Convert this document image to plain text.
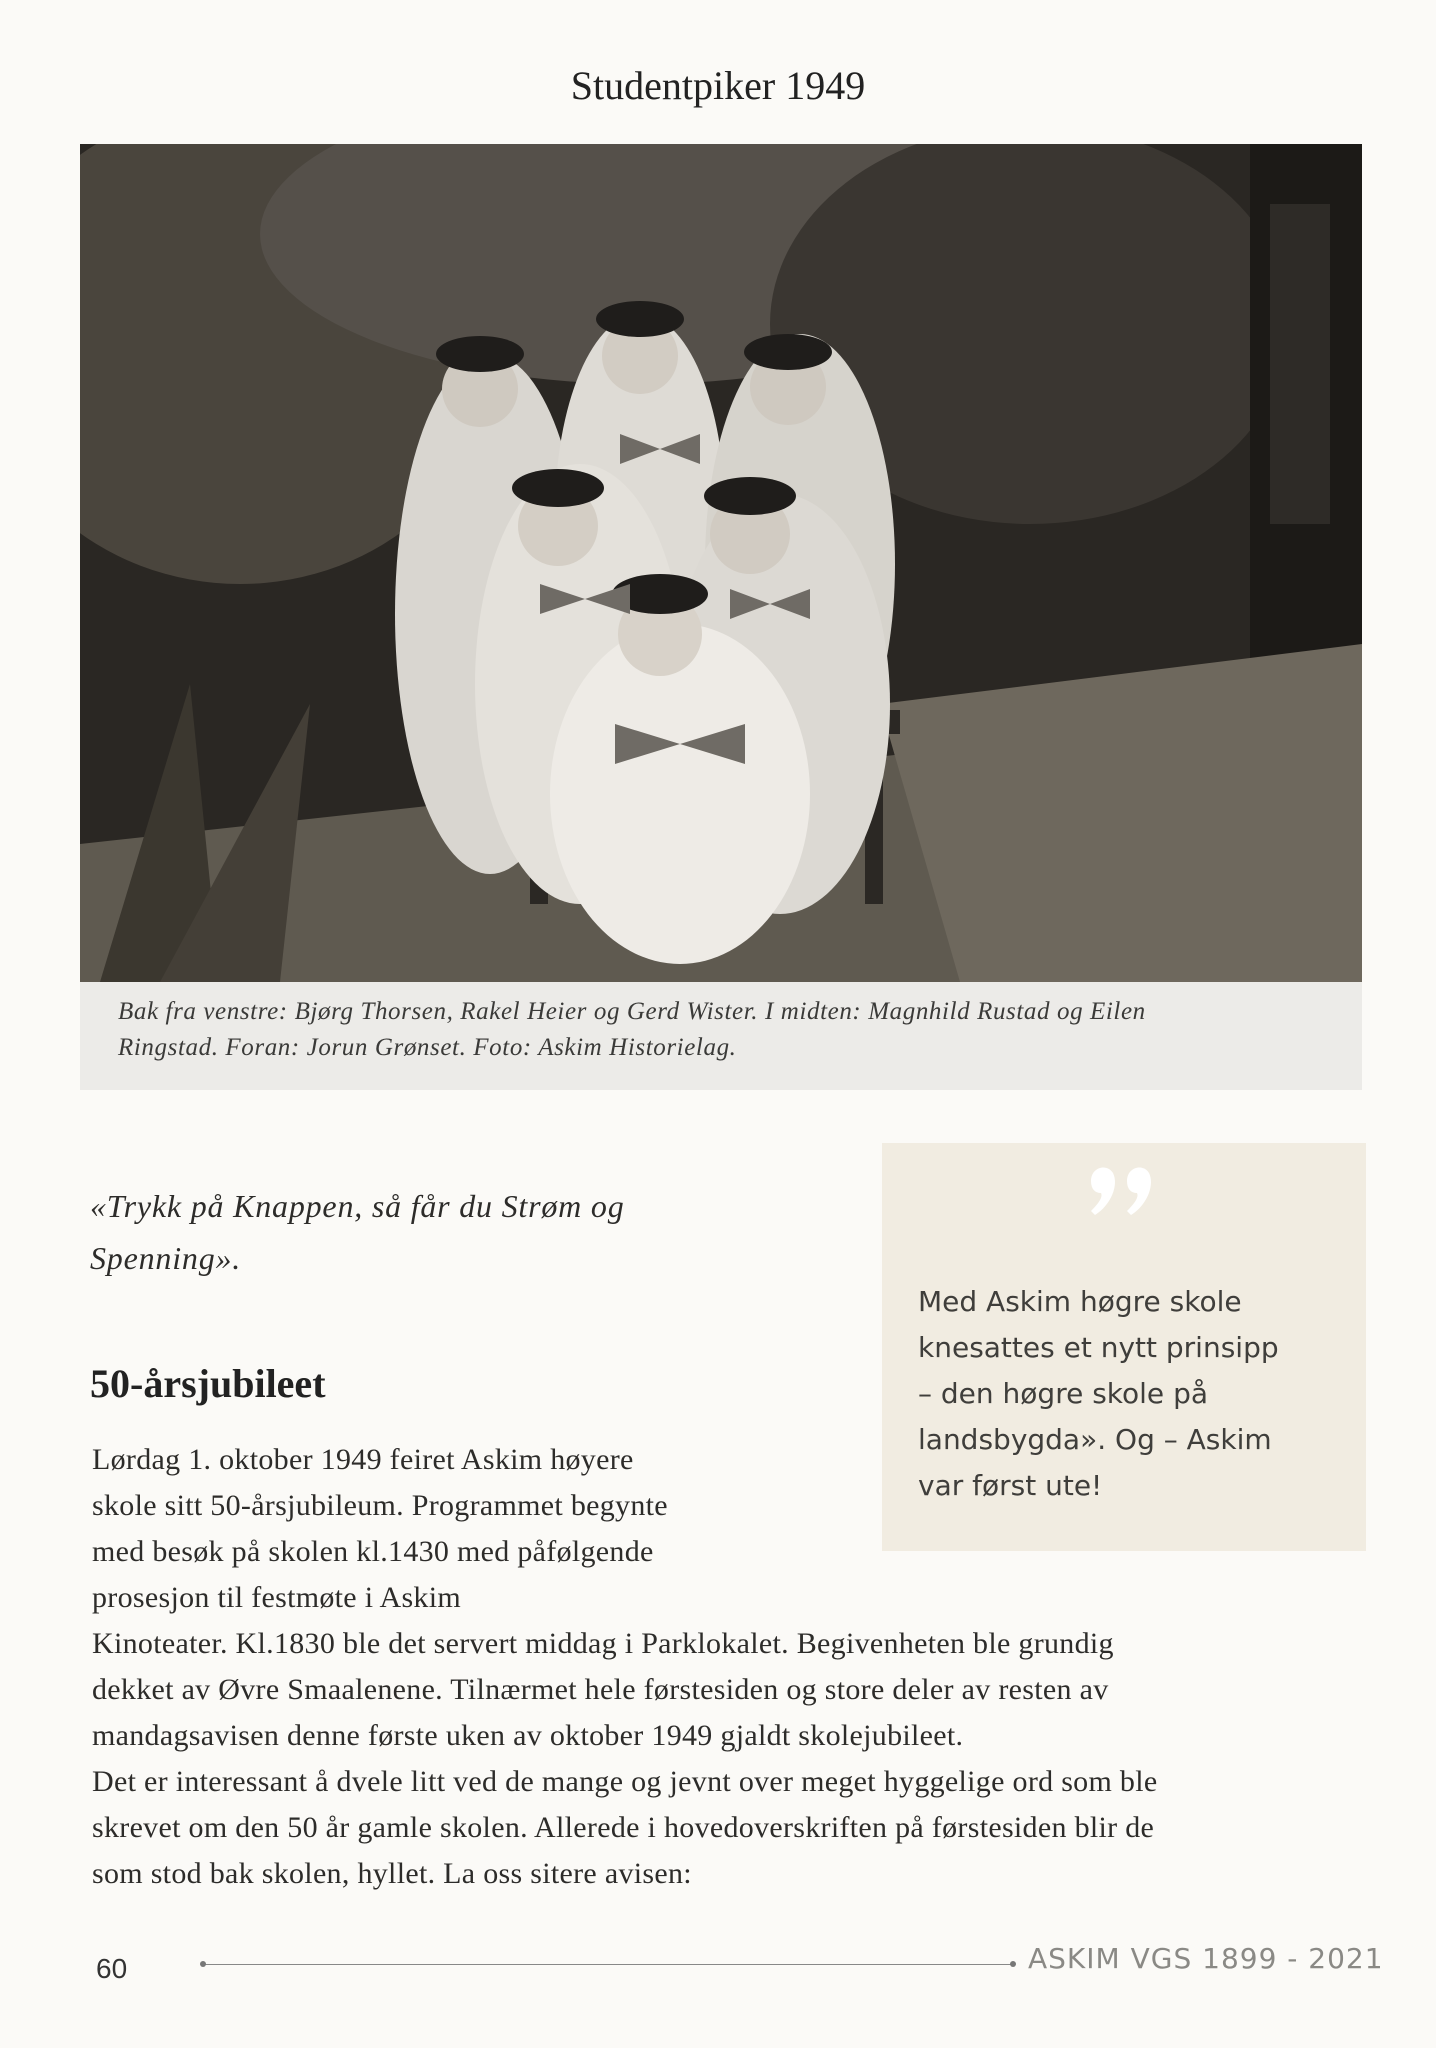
Studentpiker 1949
Bak fra venstre: Bjørg Thorsen, Rakel Heier og Gerd Wister. I midten: Magnhild Rustad og Eilen
Ringstad. Foran: Jorun Grønset. Foto: Askim Historielag.
«Trykk på Knappen, så får du Strøm og
Spenning».
Med Askim høgre skole
knesattes et nytt prinsipp
– den høgre skole på
landsbygda». Og – Askim
var først ute!
50-årsjubileet
Lørdag 1. oktober 1949 feiret Askim høyere
skole sitt 50-årsjubileum. Programmet begynte
med besøk på skolen kl.1430 med påfølgende
prosesjon til festmøte i Askim
Kinoteater. Kl.1830 ble det servert middag i Parklokalet. Begivenheten ble grundig
dekket av Øvre Smaalenene. Tilnærmet hele førstesiden og store deler av resten av
mandagsavisen denne første uken av oktober 1949 gjaldt skolejubileet.
Det er interessant å dvele litt ved de mange og jevnt over meget hyggelige ord som ble
skrevet om den 50 år gamle skolen. Allerede i hovedoverskriften på førstesiden blir de
som stod bak skolen, hyllet. La oss sitere avisen:
60	ASKIM VGS 1899 - 2021
